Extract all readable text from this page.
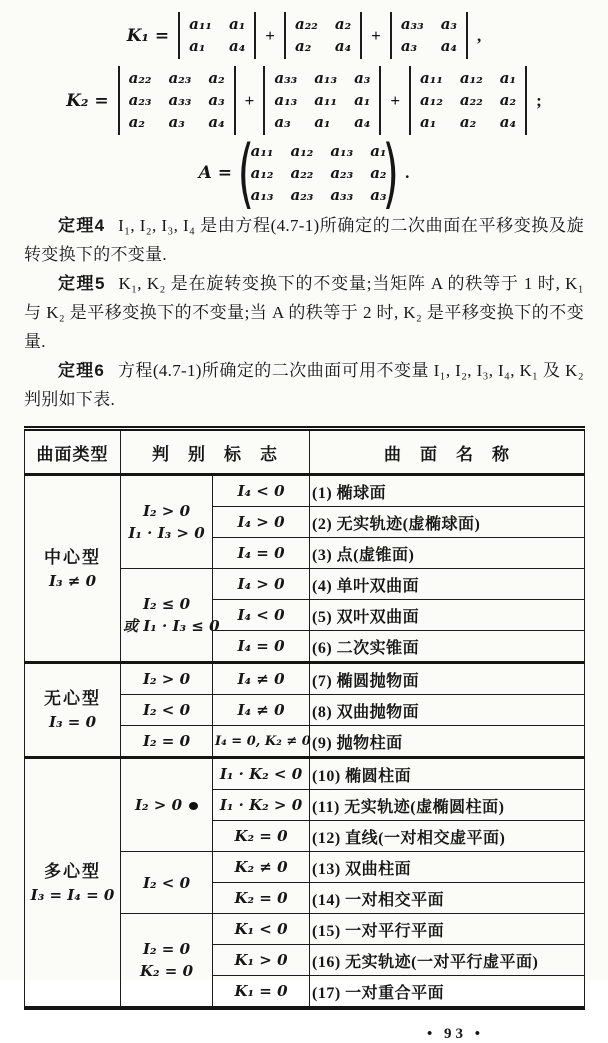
K₁ =
a₁₁ a₁
a₁ a₄
+
a₂₂ a₂
a₂ a₄
+
a₃₃ a₃
a₃ a₄
,
K₂ =
a₂₂ a₂₃ a₂
a₂₃ a₃₃ a₃
a₂ a₃ a₄
+
a₃₃ a₁₃ a₃
a₁₃ a₁₁ a₁
a₃ a₁ a₄
+
a₁₁ a₁₂ a₁
a₁₂ a₂₂ a₂
a₁ a₂ a₄
;
A = (
a₁₁ a₁₂ a₁₃ a₁
a₁₂ a₂₂ a₂₃ a₂
a₁₃ a₂₃ a₃₃ a₃
) .

定理4 I₁, I₂, I₃, I₄ 是由方程(4.7-1)所确定的二次曲面在平移变换及旋转变换下的不变量.

定理5 K₁, K₂ 是在旋转变换下的不变量;当矩阵 A 的秩等于 1 时, K₁ 与 K₂ 是平移变换下的不变量;当 A 的秩等于 2 时, K₂ 是平移变换下的不变量.

定理6 方程(4.7-1)所确定的二次曲面可用不变量 I₁, I₂, I₃, I₄, K₁ 及 K₂ 判别如下表.

曲面类型	判　别　标　志		曲　面　名　称

中心型
I₃ ≠ 0

I₂ > 0
I₁ · I₃ > 0
	I₄ < 0	(1) 椭球面
		I₄ > 0	(2) 无实轨迹(虚椭球面)
		I₄ = 0	(3) 点(虚锥面)

	I₂ ≤ 0
或 I₁ · I₃ ≤ 0	I₄ > 0	(4) 单叶双曲面
		I₄ < 0	(5) 双叶双曲面
		I₄ = 0	(6) 二次实锥面

无心型
I₃ = 0	I₂ > 0	I₄ ≠ 0	(7) 椭圆抛物面
	I₂ < 0	I₄ ≠ 0	(8) 双曲抛物面
	I₂ = 0	I₄ = 0, K₂ ≠ 0	(9) 抛物柱面

多心型
I₃ = I₄ = 0	I₂ > 0	I₁ · K₂ < 0	(10) 椭圆柱面
		I₁ · K₂ > 0	(11) 无实轨迹(虚椭圆柱面)
		K₂ = 0	(12) 直线(一对相交虚平面)

	I₂ < 0	K₂ ≠ 0	(13) 双曲柱面
		K₂ = 0	(14) 一对相交平面

	I₂ = 0
K₂ = 0	K₁ < 0	(15) 一对平行平面
		K₁ > 0	(16) 无实轨迹(一对平行虚平面)
		K₁ = 0	(17) 一对重合平面
• 93 •
